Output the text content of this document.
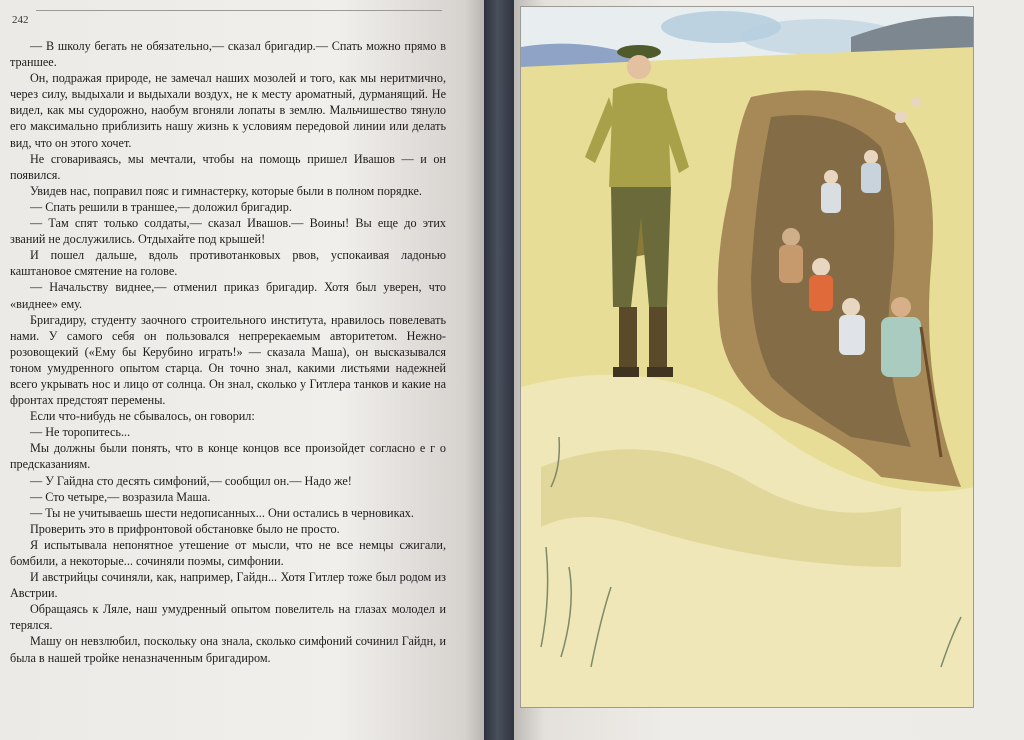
242

— В школу бегать не обязательно,— сказал бригадир.— Спать можно прямо в траншее.

Он, подражая природе, не замечал наших мозолей и того, как мы неритмично, через силу, выдыхали и выдыхали воздух, не к месту ароматный, дурманящий. Не видел, как мы судорожно, наобум вгоняли лопаты в землю. Мальчишество тянуло его максимально приблизить нашу жизнь к условиям передовой линии или делать вид, что он этого хочет.

Не сговариваясь, мы мечтали, чтобы на помощь пришел Ивашов — и он появился.

Увидев нас, поправил пояс и гимнастерку, которые были в полном порядке.

— Спать решили в траншее,— доложил бригадир.

— Там спят только солдаты,— сказал Ивашов.— Воины! Вы еще до этих званий не дослужились. Отдыхайте под крышей!

И пошел дальше, вдоль противотанковых рвов, успокаивая ладонью каштановое смятение на голове.

— Начальству виднее,— отменил приказ бригадир. Хотя был уверен, что «виднее» ему.

Бригадиру, студенту заочного строительного института, нравилось повелевать нами. У самого себя он пользовался непререкаемым авторитетом. Нежно-розовощекий («Ему бы Керубино играть!» — сказала Маша), он высказывался тоном умудренного опытом старца. Он точно знал, какими листьями надежней всего укрывать нос и лицо от солнца. Он знал, сколько у Гитлера танков и какие на фронтах предстоят перемены.

Если что-нибудь не сбывалось, он говорил:

— Не торопитесь...

Мы должны были понять, что в конце концов все произойдет согласно е г о предсказаниям.

— У Гайдна сто десять симфоний,— сообщил он.— Надо же!

— Сто четыре,— возразила Маша.

— Ты не учитываешь шести недописанных... Они остались в черновиках.

Проверить это в прифронтовой обстановке было не просто.

Я испытывала непонятное утешение от мысли, что не все немцы сжигали, бомбили, а некоторые... сочиняли поэмы, симфонии.

И австрийцы сочиняли, как, например, Гайдн... Хотя Гитлер тоже был родом из Австрии.

Обращаясь к Ляле, наш умудренный опытом повелитель на глазах молодел и терялся.

Машу он невзлюбил, поскольку она знала, сколько симфоний сочинил Гайдн, и была в нашей тройке неназначенным бригадиром.
